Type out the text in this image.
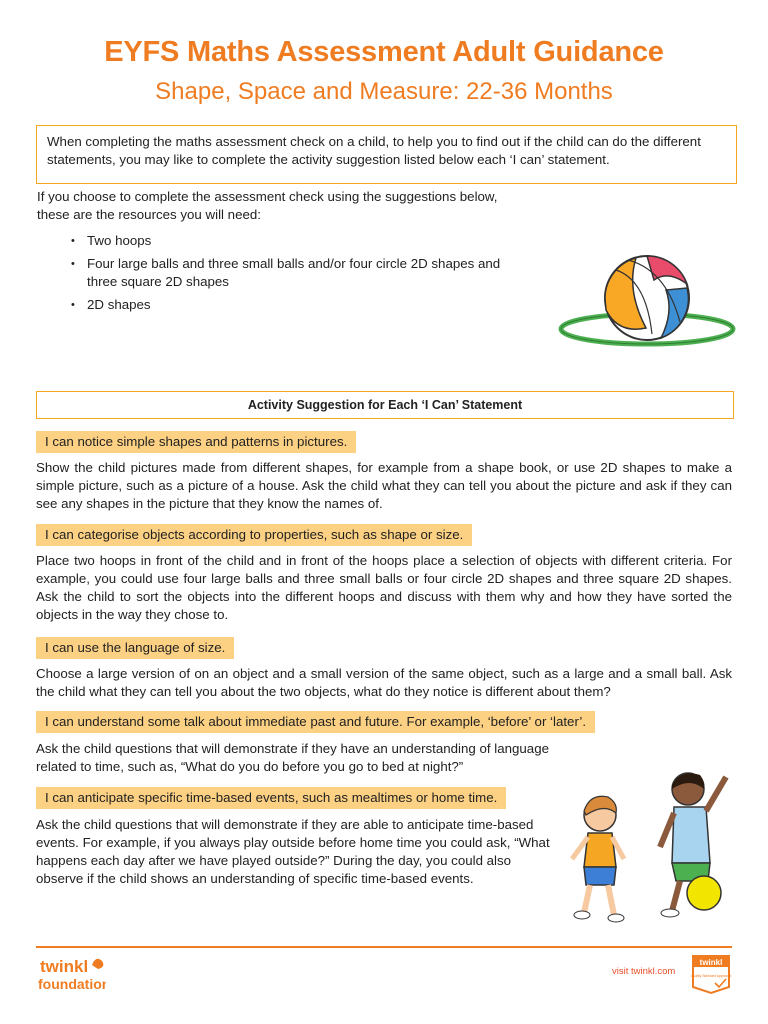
EYFS Maths Assessment Adult Guidance
Shape, Space and Measure: 22-36 Months
When completing the maths assessment check on a child, to help you to find out if the child can do the different statements, you may like to complete the activity suggestion listed below each ‘I can’ statement.
If you choose to complete the assessment check using the suggestions below, these are the resources you will need:
• Two hoops
• Four large balls and three small balls and/or four circle 2D shapes and three square 2D shapes
• 2D shapes
Activity Suggestion for Each ‘I Can’ Statement
I can notice simple shapes and patterns in pictures.
Show the child pictures made from different shapes, for example from a shape book, or use 2D shapes to make a simple picture, such as a picture of a house. Ask the child what they can tell you about the picture and ask if they can see any shapes in the picture that they know the names of.
I can categorise objects according to properties, such as shape or size.
Place two hoops in front of the child and in front of the hoops place a selection of objects with different criteria. For example, you could use four large balls and three small balls or four circle 2D shapes and three square 2D shapes. Ask the child to sort the objects into the different hoops and discuss with them why and how they have sorted the objects in the way they chose to.
I can use the language of size.
Choose a large version of on an object and a small version of the same object, such as a large and a small ball. Ask the child what they can tell you about the two objects, what do they notice is different about them?
I can understand some talk about immediate past and future. For example, ‘before’ or ‘later’.
Ask the child questions that will demonstrate if they have an understanding of language related to time, such as, “What do you do before you go to bed at night?”
I can anticipate specific time-based events, such as mealtimes or home time.
Ask the child questions that will demonstrate if they are able to anticipate time-based events. For example, if you always play outside before home time you could ask, “What happens each day after we have played outside?” During the day, you could also observe if the child shows an understanding of specific time-based events.
twinkl
foundation
visit twinkl.com
twinkl
Quality Standard Approved
